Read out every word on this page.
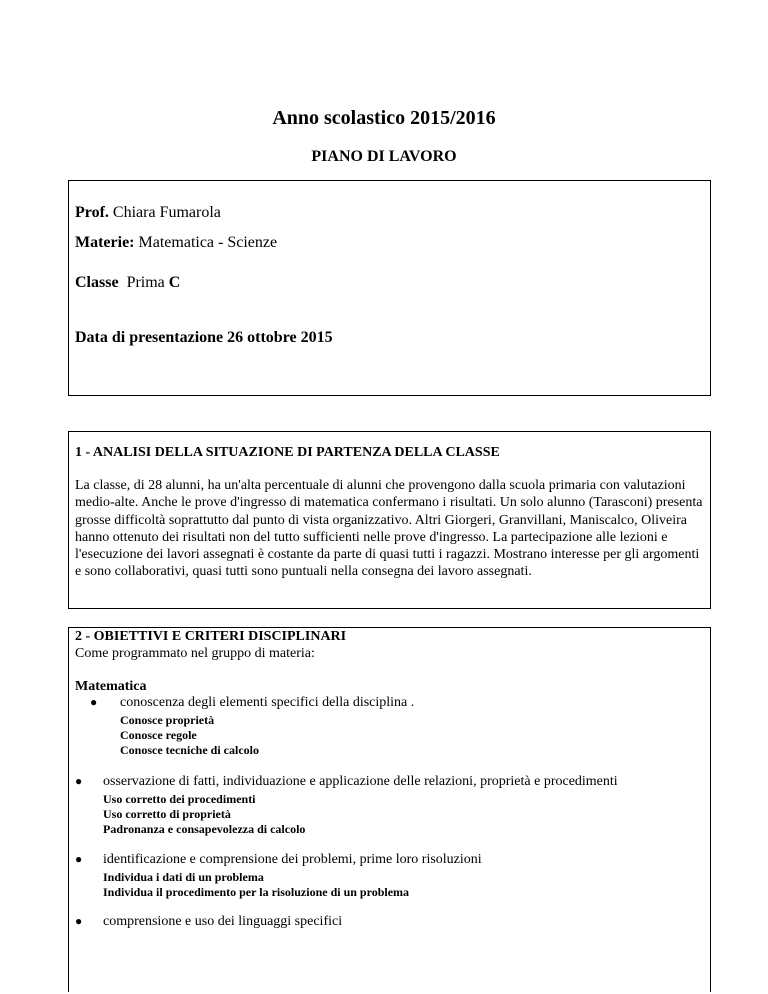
Anno scolastico 2015/2016
PIANO DI LAVORO
Prof. Chiara Fumarola
Materie: Matematica - Scienze
Classe Prima C
Data di presentazione 26 ottobre 2015
1 - ANALISI DELLA SITUAZIONE DI PARTENZA DELLA CLASSE
La classe, di 28 alunni, ha un'alta percentuale di alunni che provengono dalla scuola primaria con valutazioni medio-alte. Anche le prove d'ingresso di matematica confermano i risultati. Un solo alunno (Tarasconi) presenta grosse difficoltà soprattutto dal punto di vista organizzativo. Altri Giorgeri, Granvillani, Maniscalco, Oliveira hanno ottenuto dei risultati non del tutto sufficienti nelle prove d'ingresso. La partecipazione alle lezioni e l'esecuzione dei lavori assegnati è costante da parte di quasi tutti i ragazzi. Mostrano interesse per gli argomenti e sono collaborativi, quasi tutti sono puntuali nella consegna dei lavoro assegnati.
2 - OBIETTIVI E CRITERI DISCIPLINARI
Come programmato nel gruppo di materia:
Matematica
● conoscenza degli elementi specifici della disciplina .
Conosce proprietà
Conosce regole
Conosce tecniche di calcolo
● osservazione di fatti, individuazione e applicazione delle relazioni, proprietà e procedimenti
Uso corretto dei procedimenti
Uso corretto di proprietà
Padronanza e consapevolezza di calcolo
● identificazione e comprensione dei problemi, prime loro risoluzioni
Individua i dati di un problema
Individua il procedimento per la risoluzione di un problema
● comprensione e uso dei linguaggi specifici
